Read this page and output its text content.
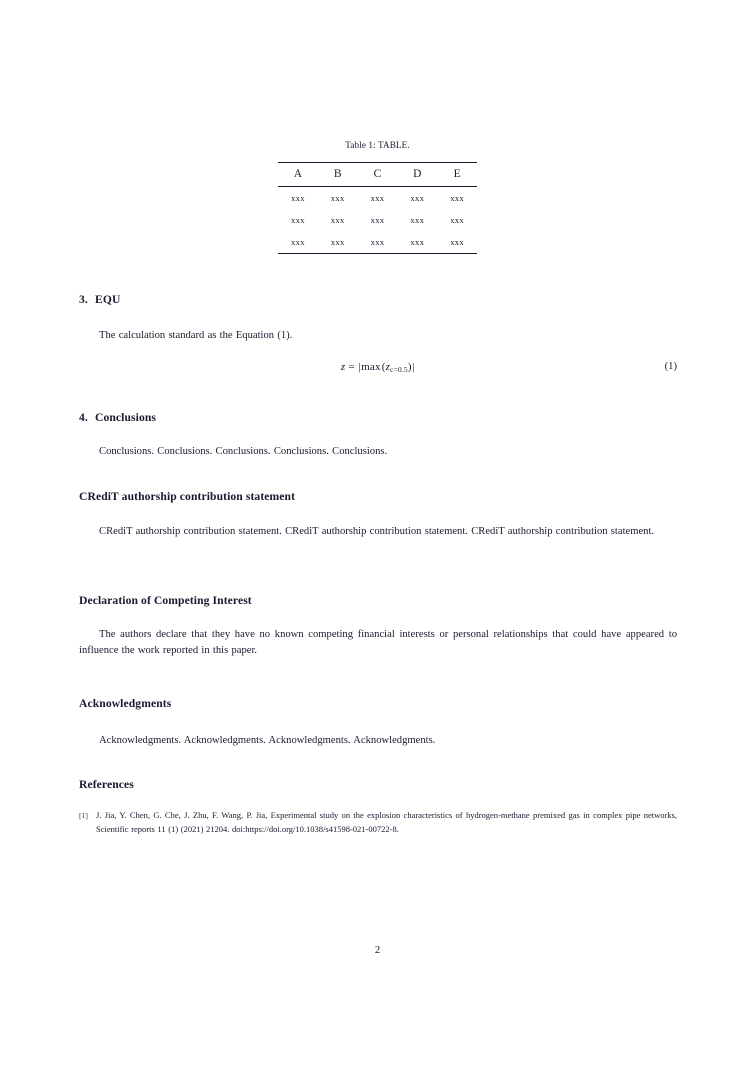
Table 1: TABLE.
A	B	C	D	E
xxx	xxx	xxx	xxx	xxx
xxx	xxx	xxx	xxx	xxx
xxx	xxx	xxx	xxx	xxx
3. EQU

The calculation standard as the Equation (1).

z = |max $(z_{c=0.5})|$	(1)
4. Conclusions

Conclusions. Conclusions. Conclusions. Conclusions. Conclusions.

CRediT authorship contribution statement

CRediT authorship contribution statement. CRediT authorship contribution statement. CRediT authorship contribution statement.

Declaration of Competing Interest

The authors declare that they have no known competing financial interests or personal relationships that could have appeared to influence the work reported in this paper.

Acknowledgments

Acknowledgments. Acknowledgments. Acknowledgments. Acknowledgments.

References
[1] J. Jia, Y. Chen, G. Che, J. Zhu, F. Wang, P. Jia, Experimental study on the explosion characteristics of hydrogen-methane premixed gas in complex pipe networks, Scientific reports 11 (1) (2021) 21204. doi:https://doi.org/10.1038/s41598-021-00722-8.
2
